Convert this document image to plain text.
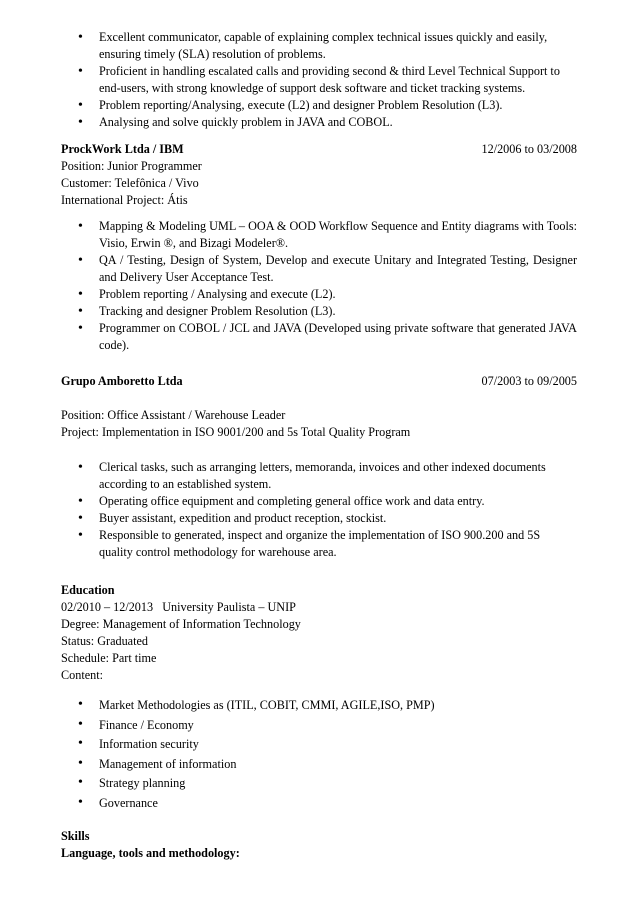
• Excellent communicator, capable of explaining complex technical issues quickly and easily, ensuring timely (SLA) resolution of problems.
• Proficient in handling escalated calls and providing second & third Level Technical Support to end-users, with strong knowledge of support desk software and ticket tracking systems.
• Problem reporting/Analysing, execute (L2) and designer Problem Resolution (L3).
• Analysing and solve quickly problem in JAVA and COBOL.
ProckWork Ltda / IBM	12/2006 to 03/2008

Position: Junior Programmer

Customer: Telefônica / Vivo

International Project: Átis

• Mapping & Modeling UML – OOA & OOD Workflow Sequence and Entity diagrams with Tools: Visio, Erwin ®, and Bizagi Modeler®.
• QA / Testing, Design of System, Develop and execute Unitary and Integrated Testing, Designer and Delivery User Acceptance Test.
• Problem reporting / Analysing and execute (L2).
• Tracking and designer Problem Resolution (L3).
• Programmer on COBOL / JCL and JAVA (Developed using private software that generated JAVA code).
Grupo Amboretto Ltda	07/2003 to 09/2005

Position: Office Assistant / Warehouse Leader

Project: Implementation in ISO 9001/200 and 5s Total Quality Program

• Clerical tasks, such as arranging letters, memoranda, invoices and other indexed documents according to an established system.
• Operating office equipment and completing general office work and data entry.
• Buyer assistant, expedition and product reception, stockist.
• Responsible to generated, inspect and organize the implementation of ISO 900.200 and 5S quality control methodology for warehouse area.

Education

02/2010 – 12/2013   University Paulista – UNIP

Degree: Management of Information Technology

Status: Graduated

Schedule: Part time

Content:

• Market Methodologies as (ITIL, COBIT, CMMI, AGILE,ISO, PMP)
• Finance / Economy
• Information security
• Management of information
• Strategy planning
• Governance

Skills

Language, tools and methodology:
